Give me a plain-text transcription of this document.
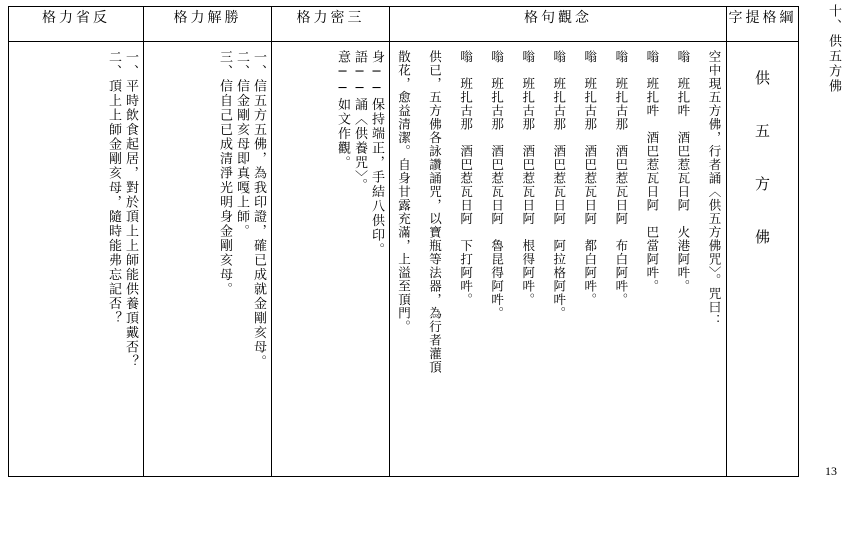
十、供五方佛
13
格力省反	格力解勝	格力密三	格句觀念	字提格綱

一、平時飲食起居，對於頂上上師能供養頂戴否？
二、頂上上師金剛亥母，隨時能弗忘記否？	一、信五方五佛，為我印證，確已成就金剛亥母。
二、信金剛亥母即真嘎上師。
三、信自己已成清淨光明身金剛亥母。	身──保持端正，手結八供印。
語──誦〈供養咒〉。
意──如文作觀。	空中現五方佛，行者誦〈供五方佛咒〉。咒曰：
嗡　班扎吽　酒巴惹瓦日阿　火港阿吽。
嗡　班扎吽　酒巴惹瓦日阿　巴當阿吽。
嗡　班扎古那　酒巴惹瓦日阿　布白阿吽。
嗡　班扎古那　酒巴惹瓦日阿　都白阿吽。
嗡　班扎古那　酒巴惹瓦日阿　阿拉格阿吽。
嗡　班扎古那　酒巴惹瓦日阿　根得阿吽。
嗡　班扎古那　酒巴惹瓦日阿　魯昆得阿吽。
嗡　班扎古那　酒巴惹瓦日阿　下打阿吽。
供已，五方佛各詠讚誦咒，以寶瓶等法器，為行者灌頂
散花，愈益清潔。自身甘露充滿，上溢至頂門。	供 五 方 佛
